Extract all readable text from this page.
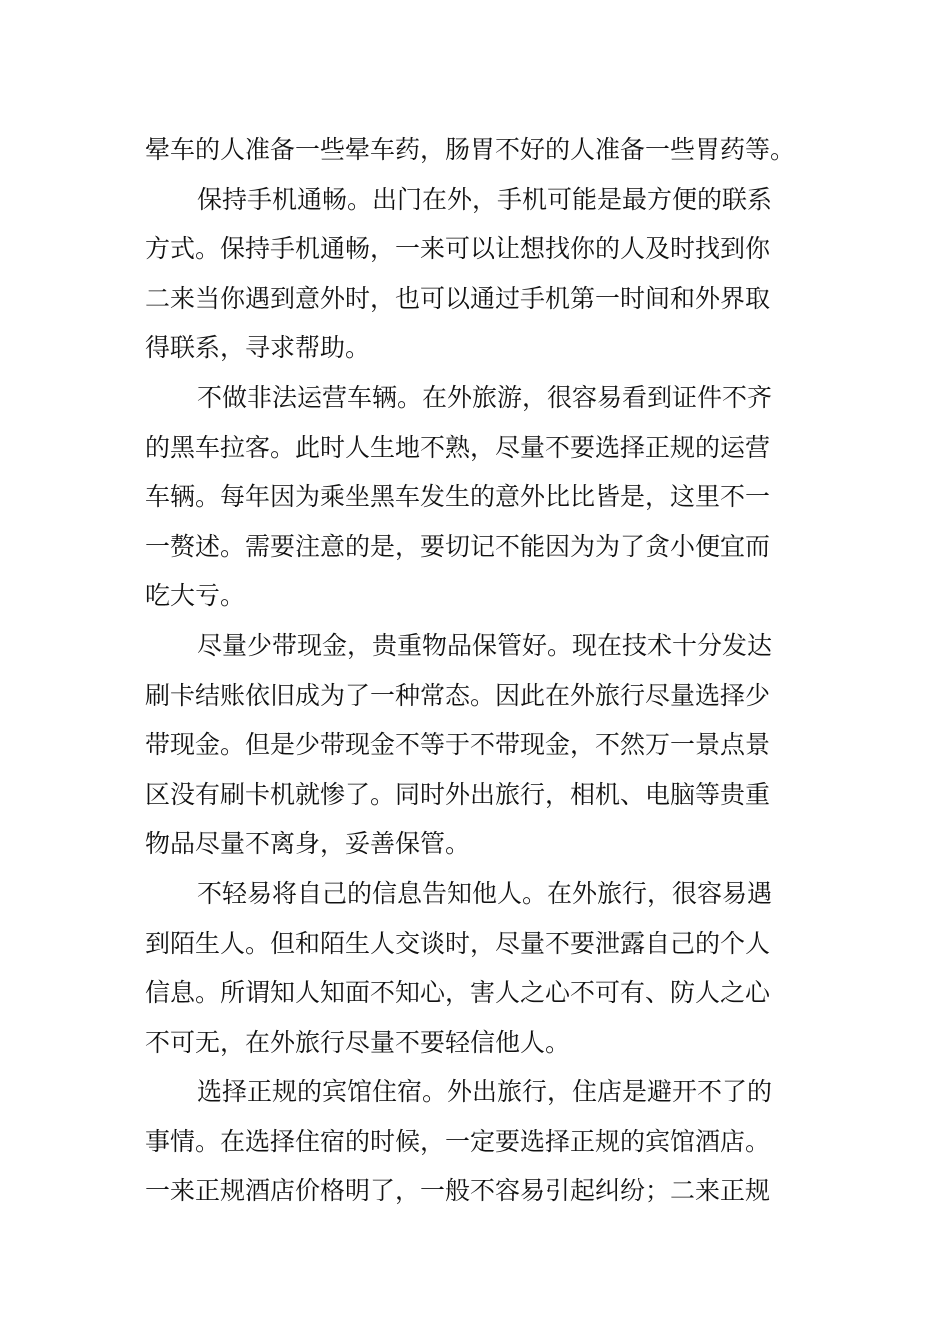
晕车的人准备一些晕车药，肠胃不好的人准备一些胃药等。
保持手机通畅。出门在外，手机可能是最方便的联系
方式。保持手机通畅，一来可以让想找你的人及时找到你
二来当你遇到意外时，也可以通过手机第一时间和外界取
得联系，寻求帮助。
不做非法运营车辆。在外旅游，很容易看到证件不齐
的黑车拉客。此时人生地不熟，尽量不要选择正规的运营
车辆。每年因为乘坐黑车发生的意外比比皆是，这里不一
一赘述。需要注意的是，要切记不能因为为了贪小便宜而
吃大亏。
尽量少带现金，贵重物品保管好。现在技术十分发达
刷卡结账依旧成为了一种常态。因此在外旅行尽量选择少
带现金。但是少带现金不等于不带现金，不然万一景点景
区没有刷卡机就惨了。同时外出旅行，相机、电脑等贵重
物品尽量不离身，妥善保管。
不轻易将自己的信息告知他人。在外旅行，很容易遇
到陌生人。但和陌生人交谈时，尽量不要泄露自己的个人
信息。所谓知人知面不知心，害人之心不可有、防人之心
不可无，在外旅行尽量不要轻信他人。
选择正规的宾馆住宿。外出旅行，住店是避开不了的
事情。在选择住宿的时候，一定要选择正规的宾馆酒店。
一来正规酒店价格明了，一般不容易引起纠纷；二来正规
